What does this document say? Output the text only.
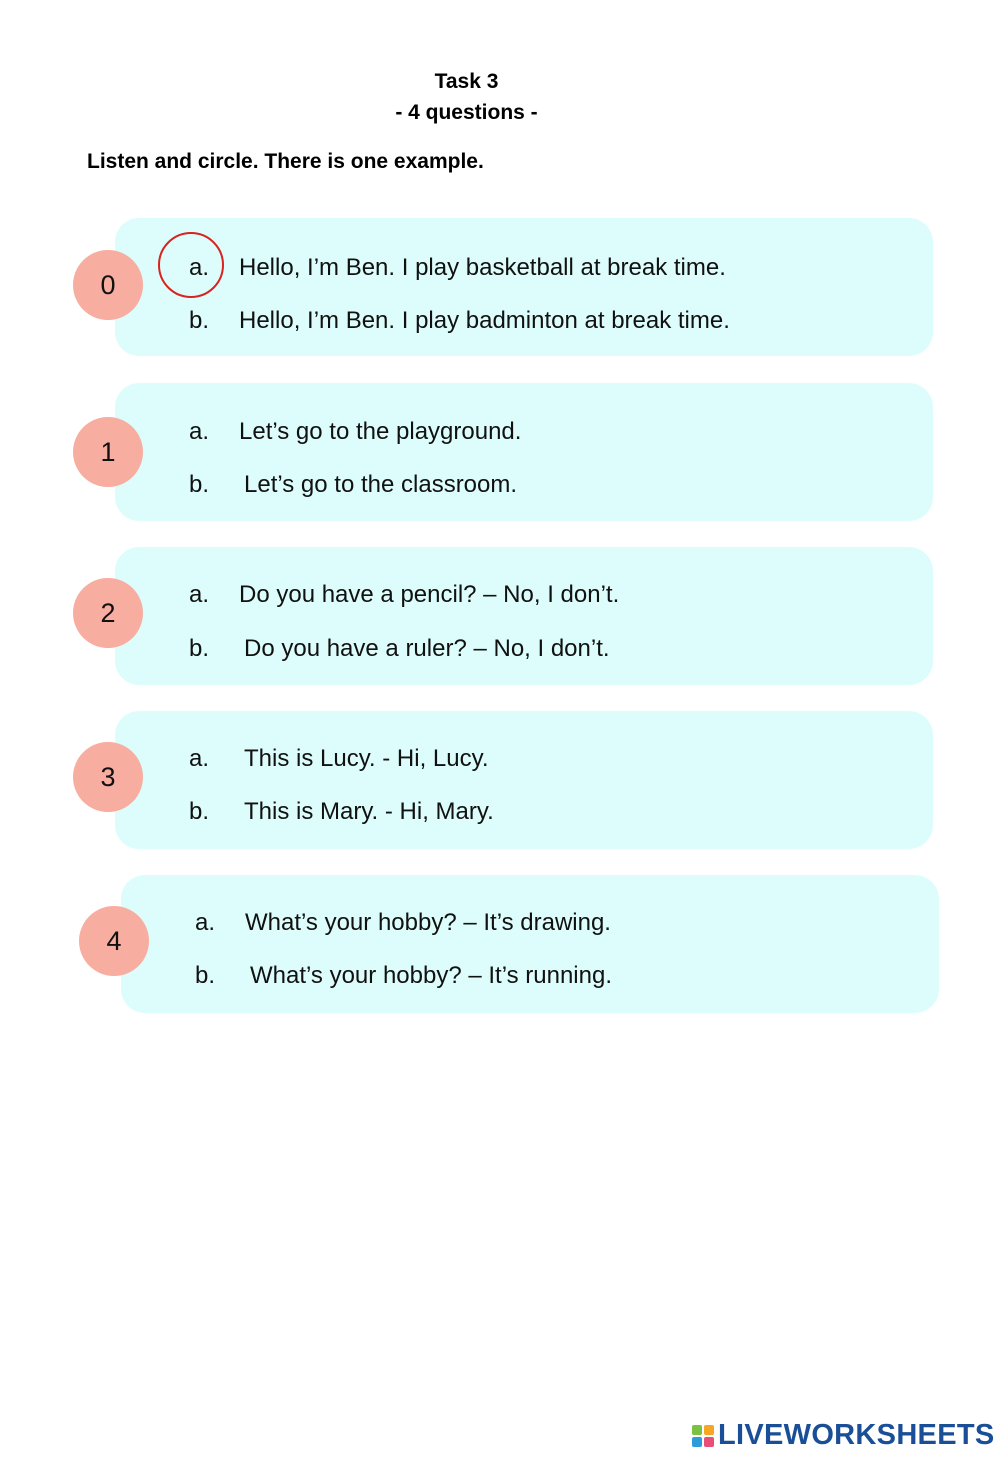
Task 3
- 4 questions -
Listen and circle. There is one example.
0
a. Hello, I’m Ben. I play basketball at break time.
b. Hello, I’m Ben. I play badminton at break time.
1
a. Let’s go to the playground.
b. Let’s go to the classroom.
2
a. Do you have a pencil? – No, I don’t.
b. Do you have a ruler? – No, I don’t.
3
a. This is Lucy. - Hi, Lucy.
b. This is Mary. - Hi, Mary.
4
a. What’s your hobby? – It’s drawing.
b. What’s your hobby? – It’s running.
LIVEWORKSHEETS
